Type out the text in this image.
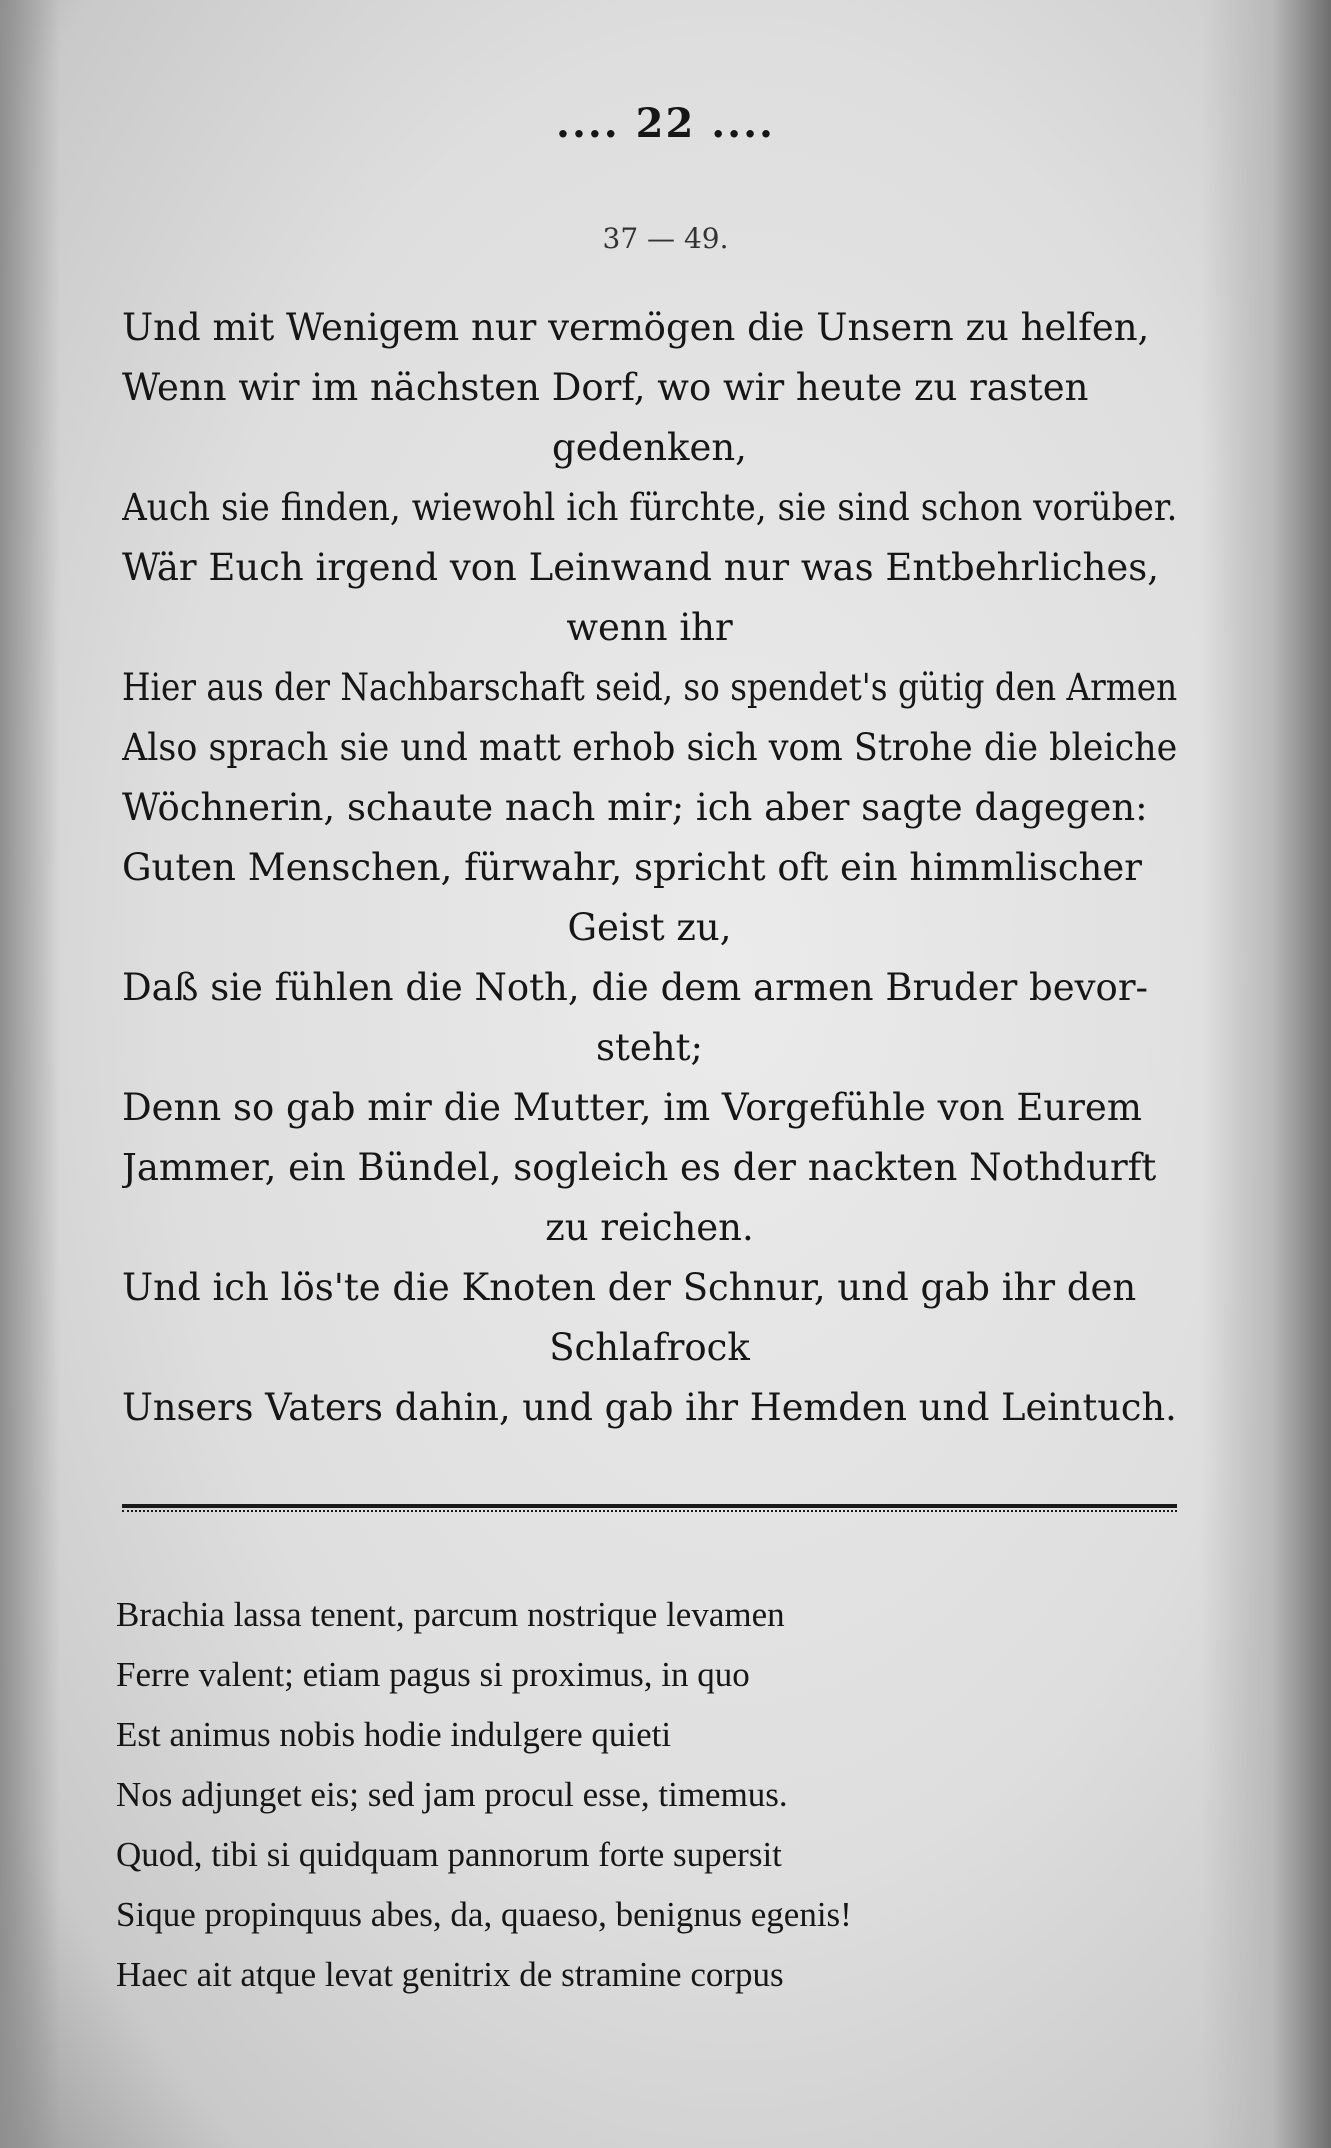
.... 22 ....
37 — 49.
Und mit Wenigem nur vermögen die Unsern zu helfen,
Wenn wir im nächsten Dorf, wo wir heute zu rasten
gedenken,
Auch sie finden, wiewohl ich fürchte, sie sind schon vorüber.
Wär Euch irgend von Leinwand nur was Entbehrliches,
wenn ihr
Hier aus der Nachbarschaft seid, so spendet's gütig den Armen
Also sprach sie und matt erhob sich vom Strohe die bleiche
Wöchnerin, schaute nach mir; ich aber sagte dagegen:
Guten Menschen, fürwahr, spricht oft ein himmlischer
Geist zu,
Daß sie fühlen die Noth, die dem armen Bruder bevor-
steht;
Denn so gab mir die Mutter, im Vorgefühle von Eurem
Jammer, ein Bündel, sogleich es der nackten Nothdurft
zu reichen.
Und ich lös'te die Knoten der Schnur, und gab ihr den
Schlafrock
Unsers Vaters dahin, und gab ihr Hemden und Leintuch.
Brachia lassa tenent, parcum nostrique levamen
Ferre valent; etiam pagus si proximus, in quo
Est animus nobis hodie indulgere quieti
Nos adjunget eis; sed jam procul esse, timemus.
Quod, tibi si quidquam pannorum forte supersit
Sique propinquus abes, da, quaeso, benignus egenis!
Haec ait atque levat genitrix de stramine corpus
